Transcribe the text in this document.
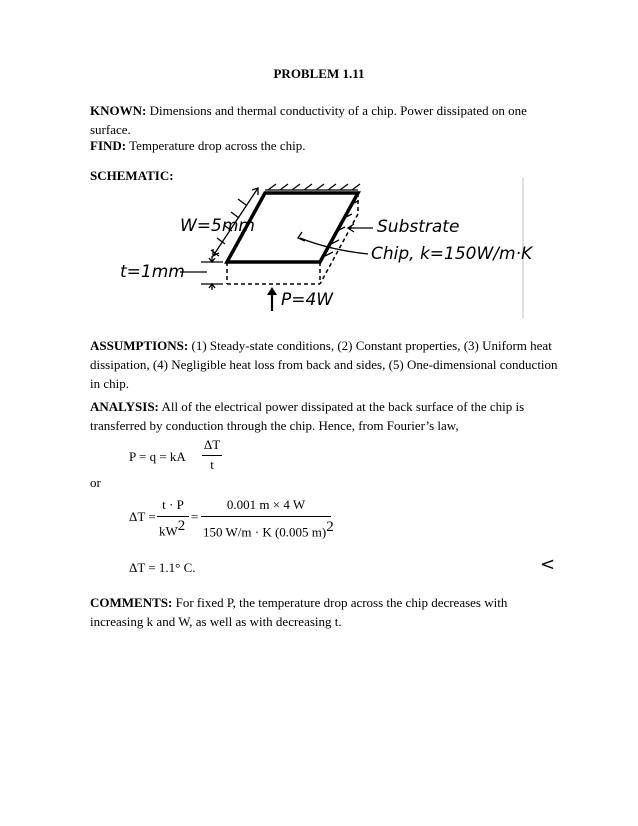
PROBLEM 1.11
KNOWN: Dimensions and thermal conductivity of a chip. Power dissipated on one surface.
FIND: Temperature drop across the chip.
SCHEMATIC:
W=5mm	Substrate
Chip, k=150W/m·K
t=1mm
P=4W
ASSUMPTIONS: (1) Steady-state conditions, (2) Constant properties, (3) Uniform heat dissipation, (4) Negligible heat loss from back and sides, (5) One-dimensional conduction in chip.
ANALYSIS: All of the electrical power dissipated at the back surface of the chip is transferred by conduction through the chip. Hence, from Fourier’s law,
P = q = kA
ΔT
t
or
ΔT =
t · P
$kW^2$
=
0.001 m × 4 W
150 W/m · K (0.005 m)$^2$
ΔT = 1.1° C.	<
COMMENTS: For fixed P, the temperature drop across the chip decreases with increasing k and W, as well as with decreasing t.
